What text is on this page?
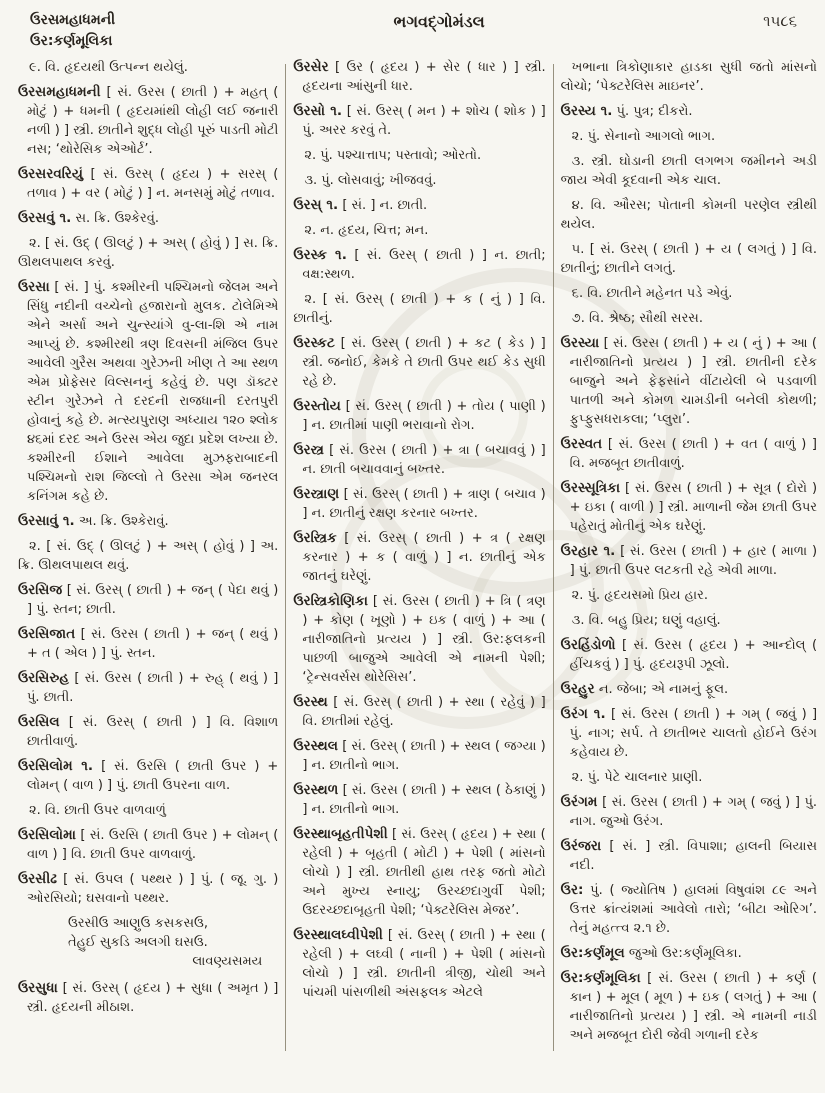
ઉરસમહાધમની
ઉર:કર્ણમૂલિકા
ભગવદ્ગોમંડલ	૧૫૮૬
૯. વિ. હૃદયથી ઉત્પન્ન થયેલું.
ઉરસમહાધમની [ સં. ઉરસ ( છાતી ) + મહત્ ( મોટું ) + ધમની ( હૃદયમાંથી લોહી લઈ જનારી નળી ) ] સ્ત્રી. છાતીને શુદ્ધ લોહી પૂરું પાડતી મોટી નસ; ‘થોરેસિક એઓર્ટ’.
ઉરસરવરિયું [ સં. ઉરસ્ ( હૃદય ) + સરસ્ ( તળાવ ) + વર ( મોટું ) ] ન. મનસમું મોટું તળાવ.
ઉરસવું ૧. સ. ક્રિ. ઉશ્કેરવું.
૨. [ સં. ઉદ્ ( ઊલટું ) + અસ્ ( હોવું ) ] સ. ક્રિ. ઊથલપાથલ કરવું.
ઉરસા [ સં. ] પું. કશ્મીરની પશ્ચિમનો જેલમ અને સિંધુ નદીની વચ્ચેનો હજારાનો મુલક. ટોલેમિએ એને અર્સા અને ચુન્સ્યાંગે વુ-લા-શિ એ નામ આપ્યું છે. કશ્મીરથી ત્રણ દિવસની મંજિલ ઉપર આવેલી ગુરૈસ અથવા ગુરેઝની ખીણ તે આ સ્થળ એમ પ્રોફેસર વિલ્સનનું કહેવું છે. પણ ડૉક્ટર સ્ટીન ગુરેઝને તે દરદની રાજધાની દરતપુરી હોવાનું કહે છે. મત્સ્યપુરાણ અધ્યાય ૧૨૦ શ્લોક ૪૬માં દરદ અને ઉરસ એય જુદા પ્રદેશ લખ્યા છે. કશ્મીરની ઈશાને આવેલા મુઝફરાબાદની પશ્ચિમનો રાશ જિલ્લો તે ઉરસા એમ જનરલ કનિંગમ કહે છે.
ઉરસાવું ૧. અ. ક્રિ. ઉશ્કેરાવું.
૨. [ સં. ઉદ્ ( ઊલટું ) + અસ્ ( હોવું ) ] અ. ક્રિ. ઊથલપાથલ થવું.
ઉરસિજ [ સં. ઉરસ્ ( છાતી ) + જન્ ( પેદા થવું ) ] પું. સ્તન; છાતી.
ઉરસિજાત [ સં. ઉરસ ( છાતી ) + જન્ ( થવું ) + ત ( એલ ) ] પું. સ્તન.
ઉરસિરુહ [ સં. ઉરસ ( છાતી ) + રુહ્ ( થવું ) ] પું. છાતી.
ઉરસિલ [ સં. ઉરસ્ ( છાતી ) ] વિ. વિશાળ છાતીવાળું.
ઉરસિલોમ ૧. [ સં. ઉરસિ ( છાતી ઉપર ) + લોમન્ ( વાળ ) ] પું. છાતી ઉપરના વાળ.
૨. વિ. છાતી ઉપર વાળવાળું
ઉરસિલોમા [ સં. ઉરસિ ( છાતી ઉપર ) + લોમન્ ( વાળ ) ] વિ. છાતી ઉપર વાળવાળું.
ઉરસીઢ [ સં. ઉપલ ( પથ્થર ) ] પું. ( જૂ. ગુ. ) ઓરસિયો; ઘસવાનો પથ્થર.
ઉરસીઉ આણુઉ કસકસઉ,
તેહુઈ સુકડિ અલગી ઘસઉ.
લાવણ્યસમય
ઉરસુધા [ સં. ઉરસ્ ( હૃદય ) + સુધા ( અમૃત ) ] સ્ત્રી. હૃદયની મીઠાશ.
ઉરસેર [ ઉર ( હૃદય ) + સેર ( ધાર ) ] સ્ત્રી. હૃદયના આંસુની ધાર.
ઉરસો ૧. [ સં. ઉરસ્ ( મન ) + શોચ ( શોક ) ] પું. અરર કરવું તે.
૨. પું. પશ્ચાત્તાપ; પસ્તાવો; ઓરતો.
૩. પું. લોસવાવું; ખીજવવું.
ઉરસ્ ૧. [ સં. ] ન. છાતી.
૨. ન. હૃદય, ચિત્ત; મન.
ઉરસ્ક ૧. [ સં. ઉરસ્ ( છાતી ) ] ન. છાતી; વક્ષ:સ્થળ.
૨. [ સં. ઉરસ્ ( છાતી ) + ક ( નું ) ] વિ. છાતીનું.
ઉરસ્કટ [ સં. ઉરસ્ ( છાતી ) + કટ ( કેડ ) ] સ્ત્રી. જનોઈ, કેમકે તે છાતી ઉપર થઈ કેડ સુધી રહે છે.
ઉરસ્તોય [ સં. ઉરસ્ ( છાતી ) + તોય ( પાણી ) ] ન. છાતીમાં પાણી ભરાવાનો રોગ.
ઉરસ્ત્ર [ સં. ઉરસ ( છાતી ) + ત્રા ( બચાવવું ) ] ન. છાતી બચાવવાનું બખ્તર.
ઉરસ્ત્રાણ [ સં. ઉરસ્ ( છાતી ) + ત્રાણ ( બચાવ ) ] ન. છાતીનું રક્ષણ કરનાર બખ્તર.
ઉરસ્ત્રિક [ સં. ઉરસ્ ( છાતી ) + ત્ર ( રક્ષણ કરનાર ) + ક ( વાળું ) ] ન. છાતીનું એક જાતનું ઘરેણું.
ઉરસ્ત્રિકોણિકા [ સં. ઉરસ ( છાતી ) + ત્રિ ( ત્રણ ) + કોણ ( ખૂણો ) + ઇક ( વાળું ) + આ ( નારીજાતિનો પ્રત્યય ) ] સ્ત્રી. ઉર:ફલકની પાછળી બાજુએ આવેલી એ નામની પેશી; ‘ટ્રેન્સવર્સસ થોરેસિસ’.
ઉરસ્થ [ સં. ઉરસ્ ( છાતી ) + સ્થા ( રહેવું ) ] વિ. છાતીમાં રહેલું.
ઉરસ્થલ [ સં. ઉરસ્ ( છાતી ) + સ્થલ ( જગ્યા ) ] ન. છાતીનો ભાગ.
ઉરસ્થળ [ સં. ઉરસ ( છાતી ) + સ્થલ ( ઠેકાણું ) ] ન. છાતીનો ભાગ.
ઉરસ્થાબૃહતીપેશી [ સં. ઉરસ્ ( હૃદય ) + સ્થા ( રહેલી ) + બૃહતી ( મોટી ) + પેશી ( માંસનો લોચો ) ] સ્ત્રી. છાતીથી હાથ તરફ જતો મોટો અને મુખ્ય સ્નાયુ; ઉરચ્છદાગુર્વી પેશી; ઉદરચ્છદાબૃહતી પેશી; ‘પેક્ટરેલિસ મેજર’.
ઉરસ્થાલઘ્વીપેશી [ સં. ઉરસ્ ( છાતી ) + સ્થા ( રહેલી ) + લઘ્વી ( નાની ) + પેશી ( માંસનો લોચો ) ] સ્ત્રી. છાતીની ત્રીજી, ચોથી અને પાંચમી પાંસળીથી અંસફલક એટલે
ખભાના ત્રિકોણાકાર હાડકા સુધી જતો માંસનો લોચો; ‘પેક્ટરેલિસ માઇનર’.
ઉરસ્ય ૧. પું. પુત્ર; દીકરો.
૨. પું. સેનાનો આગલો ભાગ.
૩. સ્ત્રી. ઘોડાની છાતી લગભગ જમીનને અડી જાય એવી કૂદવાની એક ચાલ.
૪. વિ. ઔરસ; પોતાની કોમની પરણેલ સ્ત્રીથી થયેલ.
૫. [ સં. ઉરસ્ ( છાતી ) + ય ( લગતું ) ] વિ. છાતીનું; છાતીને લગતું.
૬. વિ. છાતીને મહેનત પડે એવું.
૭. વિ. શ્રેષ્ઠ; સૌથી સરસ.
ઉરસ્યા [ સં. ઉરસ ( છાતી ) + ય ( નું ) + આ ( નારીજાતિનો પ્રત્યય ) ] સ્ત્રી. છાતીની દરેક બાજુને અને ફેફસાંને વીંટાયેલી બે પડવાળી પાતળી અને કોમળ ચામડીની બનેલી કોથળી; ફુપ્ફુસધરાકલા; ‘પ્લુરા’.
ઉરસ્વત [ સં. ઉરસ ( છાતી ) + વત ( વાળું ) ] વિ. મજબૂત છાતીવાળું.
ઉરસ્સૂત્રિકા [ સં. ઉરસ ( છાતી ) + સૂત્ર ( દોરો ) + ઇકા ( વાળી ) ] સ્ત્રી. માળાની જેમ છાતી ઉપર પહેરાતું મોતીનું એક ઘરેણું.
ઉરહાર ૧. [ સં. ઉરસ ( છાતી ) + હાર ( માળા ) ] પું. છાતી ઉપર લટકતી રહે એવી માળા.
૨. પું. હૃદયસમો પ્રિય હાર.
૩. વિ. બહુ પ્રિય; ઘણું વહાલું.
ઉરહિંડોળો [ સં. ઉરસ ( હૃદય ) + આન્દોલ્ ( હીંચકવું ) ] પું. હૃદયરૂપી ઝૂલો.
ઉરહુર ન. જેબા; એ નામનું ફૂલ.
ઉરંગ ૧. [ સં. ઉરસ ( છાતી ) + ગમ્ ( જવું ) ] પું. નાગ; સર્પ. તે છાતીભર ચાલતો હોઈને ઉરંગ કહેવાય છે.
૨. પું. પેટે ચાલનાર પ્રાણી.
ઉરંગમ [ સં. ઉરસ ( છાતી ) + ગમ્ ( જવું ) ] પું. નાગ. જુઓ ઉરંગ.
ઉરંજરા [ સં. ] સ્ત્રી. વિપાશા; હાલની બિયાસ નદી.
ઉર: પું. ( જ્યોતિષ ) હાલમાં વિષુવાંશ ૮૯ અને ઉત્તર ક્રાંત્યંશમાં આવેલો તારો; ‘બીટા ઓરિગ’. તેનું મહત્ત્વ ૨.૧ છે.
ઉર:કર્ણમૂલ જુઓ ઉર:કર્ણમૂલિકા.
ઉર:કર્ણમૂલિકા [ સં. ઉરસ ( છાતી ) + કર્ણ ( કાન ) + મૂલ ( મૂળ ) + ઇક ( લગતું ) + આ ( નારીજાતિનો પ્રત્યય ) ] સ્ત્રી. એ નામની નાડી અને મજબૂત દોરી જેવી ગળાની દરેક
